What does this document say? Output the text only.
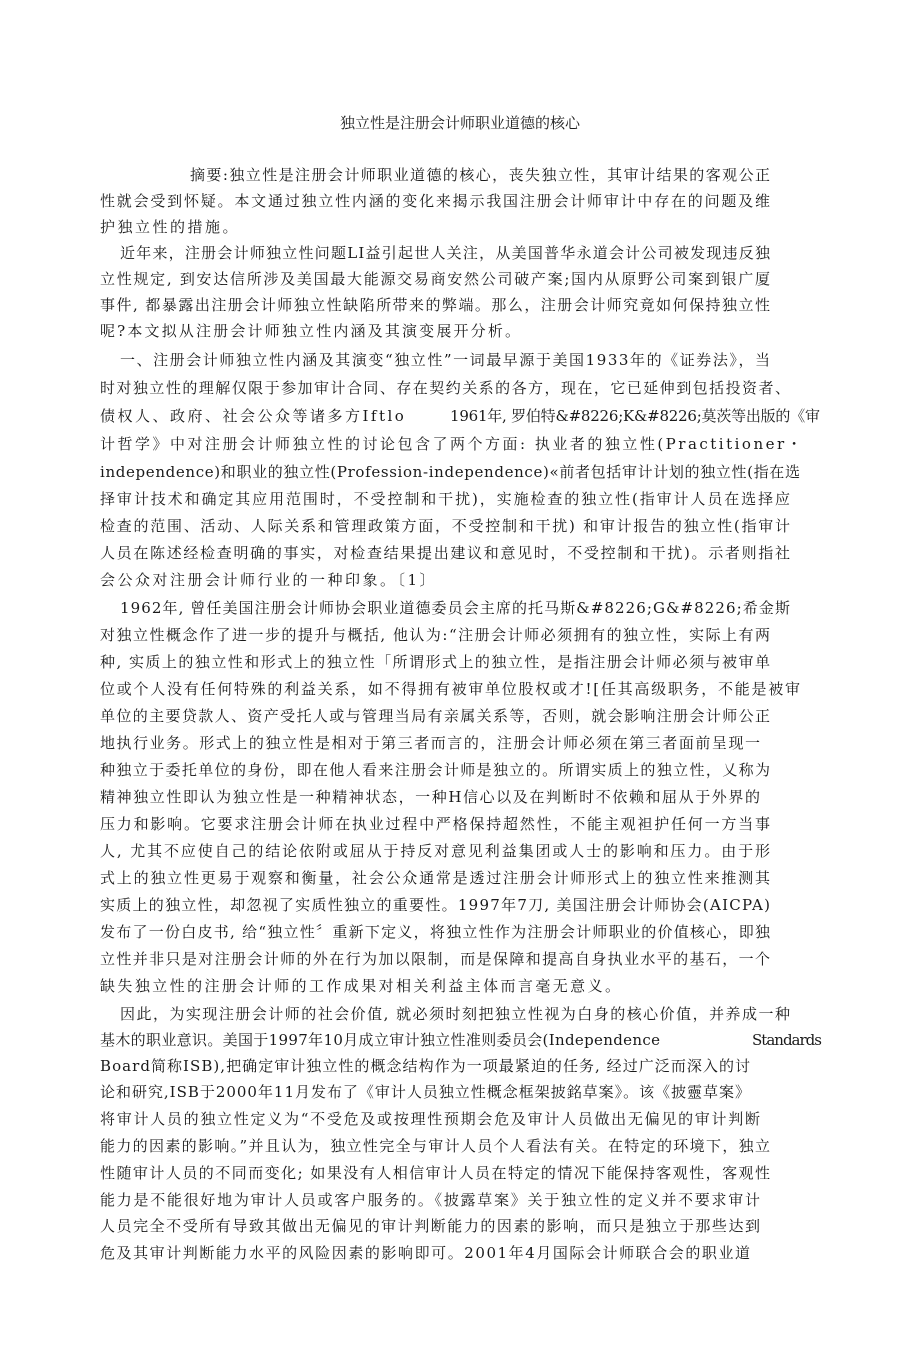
独立性是注册会计师职业道德的核心
摘要:独立性是注册会计师职业道德的核心，丧失独立性，其审计结果的客观公正
性就会受到怀疑。本文通过独立性内涵的变化来揭示我国注册会计师审计中存在的问题及维
护独立性的措施。
近年来，注册会计师独立性问题LI益引起世人关注，从美国普华永道会计公司被发现违反独
立性规定, 到安达信所涉及美国最大能源交易商安然公司破产案;国内从原野公司案到银广厦
事件, 都暴露出注册会计师独立性缺陷所带来的弊端。那么，注册会计师究竟如何保持独立性
呢?本文拟从注册会计师独立性内涵及其演变展开分析。
一、注册会计师独立性内涵及其演变“独立性”一词最早源于美国1933年的《证券法》，当
时对独立性的理解仅限于参加审计合同、存在契约关系的各方，现在，它已延伸到包括投资者、
债权人、政府、社会公众等诸多方Iftlo	1961年, 罗伯特&#8226;K&#8226;莫茨等出版的《审
计哲学》中对注册会计师独立性的讨论包含了两个方面: 执业者的独立性(Practitioner・
independence)和职业的独立性(Profession-independence)«前者包括审计计划的独立性(指在选
择审计技术和确定其应用范围时，不受控制和干扰)，实施检查的独立性(指审计人员在选择应
检查的范围、活动、人际关系和管理政策方面，不受控制和干扰) 和审计报告的独立性(指审计
人员在陈述经检查明确的事实，对检查结果提出建议和意见时，不受控制和干扰)。示者则指社
会公众对注册会计师行业的一种印象。〔1〕
1962年, 曾任美国注册会计师协会职业道德委员会主席的托马斯&#8226;G&#8226;希金斯
对独立性概念作了进一步的提升与概括, 他认为:“注册会计师必须拥有的独立性，实际上有两
种, 实质上的独立性和形式上的独立性「所谓形式上的独立性，是指注册会计师必须与被审单
位或个人没有任何特殊的利益关系，如不得拥有被审单位股权或才![任其高级职务，不能是被审
单位的主要贷款人、资产受托人或与管理当局有亲属关系等，否则，就会影响注册会计师公正
地执行业务。形式上的独立性是相对于第三者而言的，注册会计师必须在第三者面前呈现一
种独立于委托单位的身份，即在他人看来注册会计师是独立的。所谓实质上的独立性，乂称为
精神独立性即认为独立性是一种精神状态，一种H信心以及在判断时不依赖和屈从于外界的
压力和影响。它要求注册会计师在执业过程中严格保持超然性，不能主观袒护任何一方当事
人, 尤其不应使自己的结论依附或屈从于持反对意见利益集团或人士的影响和压力。由于形
式上的独立性更易于观察和衡量，社会公众通常是透过注册会计师形式上的独立性来推测其
实质上的独立性，却忽视了实质性独立的重要性。1997年7刀, 美国注册会计师协会(AICPA)
发布了一份白皮书, 给“独立性〞重新下定义，将独立性作为注册会计师职业的价值核心，即独
立性并非只是对注册会计师的外在行为加以限制，而是保障和提高自身执业水平的基石，一个
缺失独立性的注册会计师的工作成果对相关利益主体而言毫无意义。
因此，为实现注册会计师的社会价值, 就必须时刻把独立性视为白身的核心价值，并养成一种
基木的职业意识。美国于1997年10月成立审计独立性准则委员会(Independence	Standards
Board简称ISB),把确定审计独立性的概念结构作为一项最紧迫的任务, 经过广泛而深入的讨
论和研究,ISB于2000年11月发布了《审计人员独立性概念框架披銘草案》。该《披靈草案》
将审计人员的独立性定义为“不受危及或按理性预期会危及审计人员做出无偏见的审计判断
能力的因素的影响。”并且认为，独立性完全与审计人员个人看法有关。在特定的环境下，独立
性随审计人员的不同而变化; 如果没有人相信审计人员在特定的情况下能保持客观性，客观性
能力是不能很好地为审计人员或客户服务的。《披露草案》关于独立性的定义并不要求审计
人员完全不受所有导致其做出无偏见的审计判断能力的因素的影响，而只是独立于那些达到
危及其审计判断能力水平的风险因素的影响即可。2001年4月国际会计师联合会的职业道
